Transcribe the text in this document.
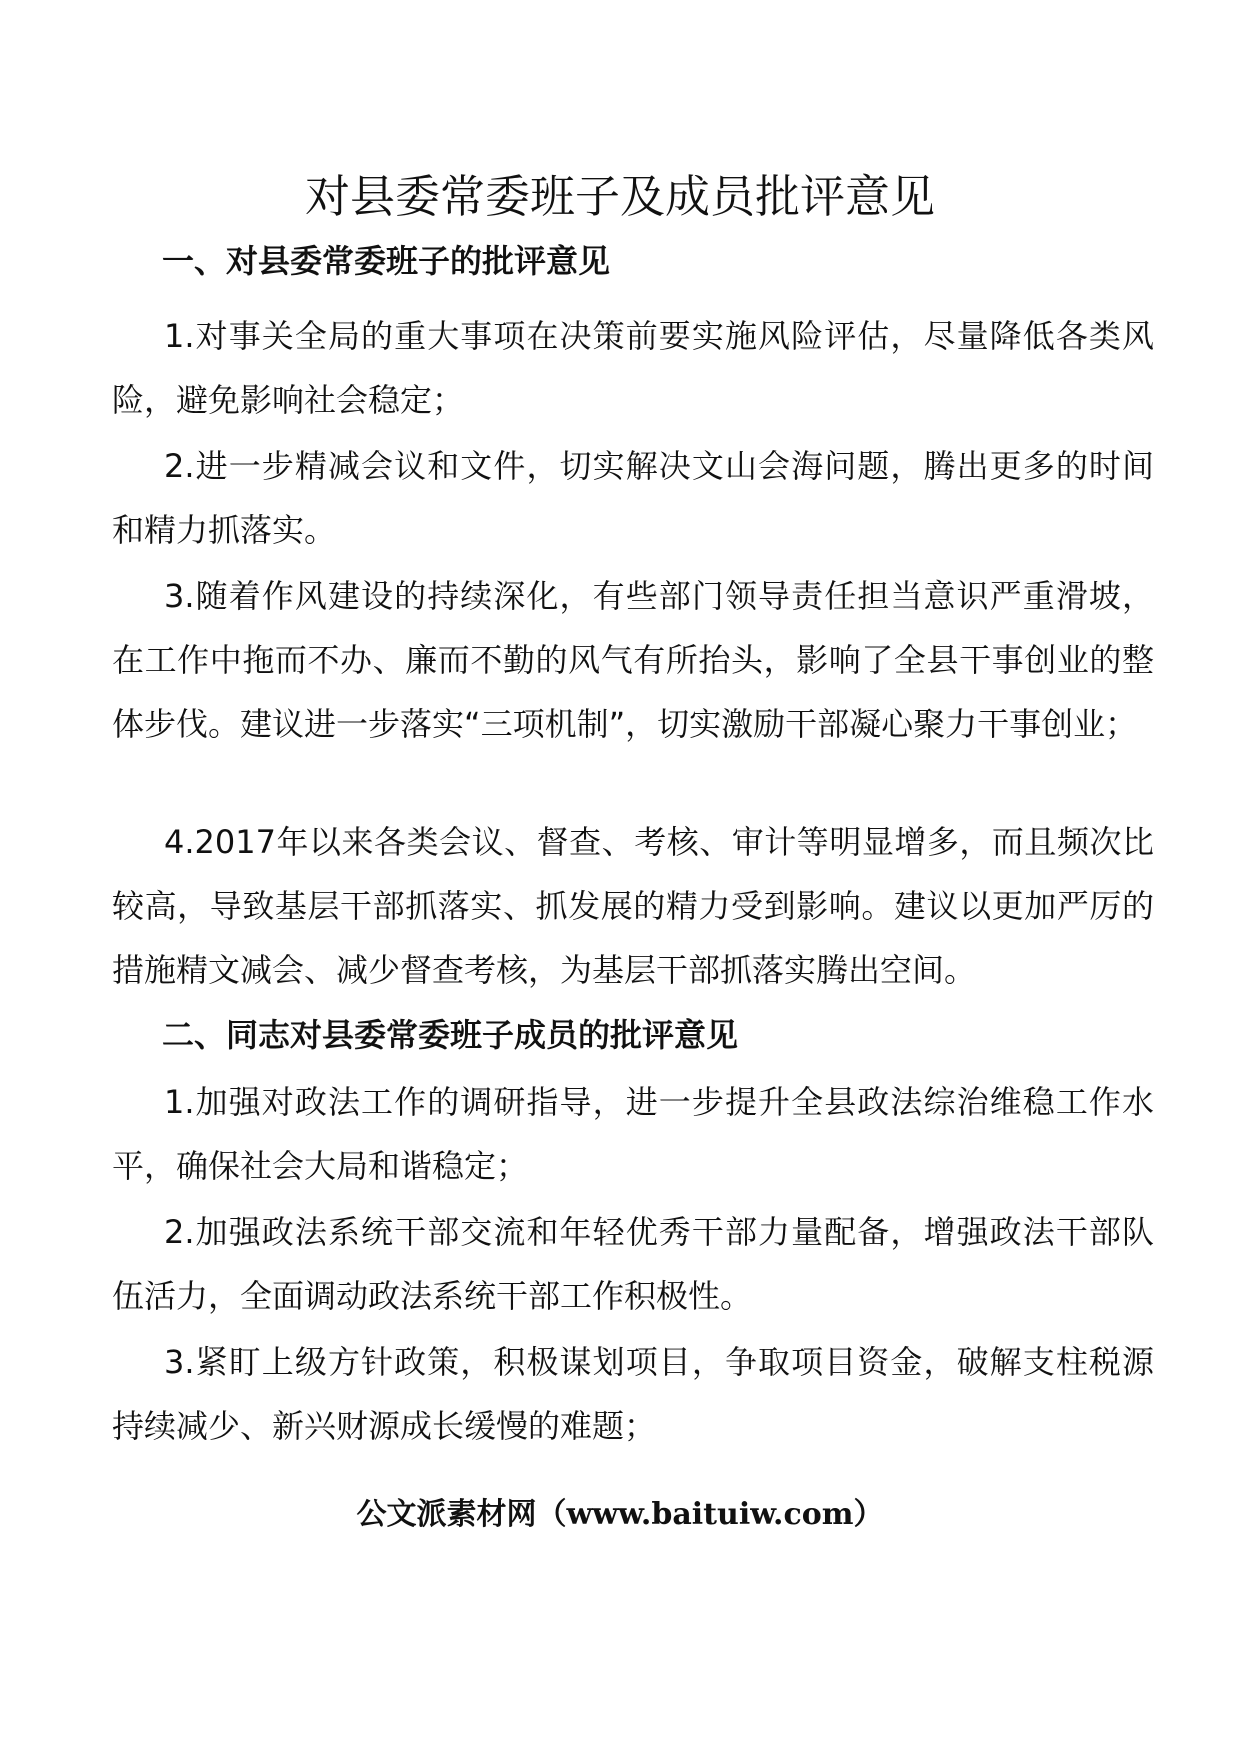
对县委常委班子及成员批评意见
一、对县委常委班子的批评意见

1.对事关全局的重大事项在决策前要实施风险评估，尽量降低各类风险，避免影响社会稳定；

2.进一步精减会议和文件，切实解决文山会海问题，腾出更多的时间和精力抓落实。

3.随着作风建设的持续深化，有些部门领导责任担当意识严重滑坡，在工作中拖而不办、廉而不勤的风气有所抬头，影响了全县干事创业的整体步伐。建议进一步落实“三项机制”，切实激励干部凝心聚力干事创业；

4.2017年以来各类会议、督查、考核、审计等明显增多，而且频次比较高，导致基层干部抓落实、抓发展的精力受到影响。建议以更加严厉的措施精文减会、减少督查考核，为基层干部抓落实腾出空间。

二、同志对县委常委班子成员的批评意见

1.加强对政法工作的调研指导，进一步提升全县政法综治维稳工作水平，确保社会大局和谐稳定；

2.加强政法系统干部交流和年轻优秀干部力量配备，增强政法干部队伍活力，全面调动政法系统干部工作积极性。

3.紧盯上级方针政策，积极谋划项目，争取项目资金，破解支柱税源持续减少、新兴财源成长缓慢的难题；

公文派素材网（www.baituiw.com）
